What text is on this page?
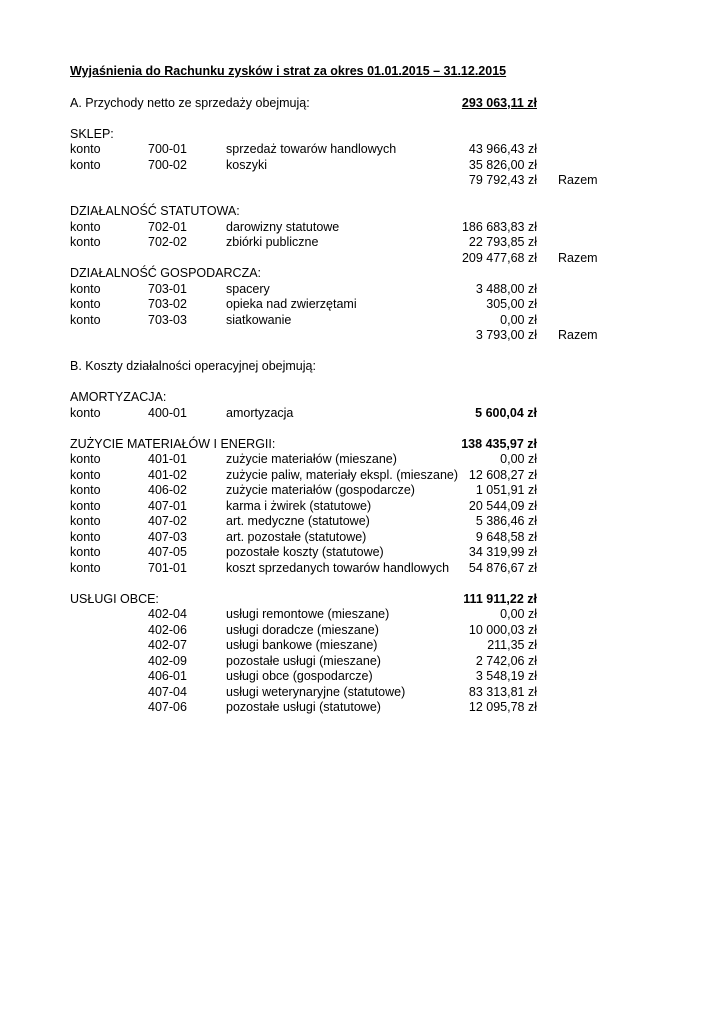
Wyjaśnienia do Rachunku zysków i strat za okres 01.01.2015 – 31.12.2015
A. Przychody netto ze sprzedaży obejmują:	293 063,11 zł
SKLEP:
konto	700-01	sprzedaż towarów handlowych	43 966,43 zł
konto	700-02	koszyki	35 826,00 zł
79 792,43 zł Razem
DZIAŁALNOŚĆ STATUTOWA:
konto	702-01	darowizny statutowe	186 683,83 zł
konto	702-02	zbiórki publiczne	22 793,85 zł
209 477,68 zł Razem
DZIAŁALNOŚĆ GOSPODARCZA:
konto	703-01	spacery	3 488,00 zł
konto	703-02	opieka nad zwierzętami	305,00 zł
konto	703-03	siatkowanie	0,00 zł
3 793,00 zł Razem
B. Koszty działalności operacyjnej obejmują:
AMORTYZACJA:
konto	400-01	amortyzacja	5 600,04 zł
ZUŻYCIE MATERIAŁÓW I ENERGII:	138 435,97 zł
konto	401-01	zużycie materiałów (mieszane)	0,00 zł
konto	401-02	zużycie paliw, materiały ekspl. (mieszane) 12 608,27 zł
konto	406-02	zużycie materiałów (gospodarcze)	1 051,91 zł
konto	407-01	karma i żwirek (statutowe)	20 544,09 zł
konto	407-02	art. medyczne (statutowe)	5 386,46 zł
konto	407-03	art. pozostałe (statutowe)	9 648,58 zł
konto	407-05	pozostałe koszty (statutowe)	34 319,99 zł
konto	701-01	koszt sprzedanych towarów handlowych 54 876,67 zł
USŁUGI OBCE:	111 911,22 zł
402-04	usługi remontowe (mieszane)	0,00 zł
402-06	usługi doradcze (mieszane)	10 000,03 zł
402-07	usługi bankowe (mieszane)	211,35 zł
402-09	pozostałe usługi (mieszane)	2 742,06 zł
406-01	usługi obce (gospodarcze)	3 548,19 zł
407-04	usługi weterynaryjne (statutowe)	83 313,81 zł
407-06	pozostałe usługi (statutowe)	12 095,78 zł
